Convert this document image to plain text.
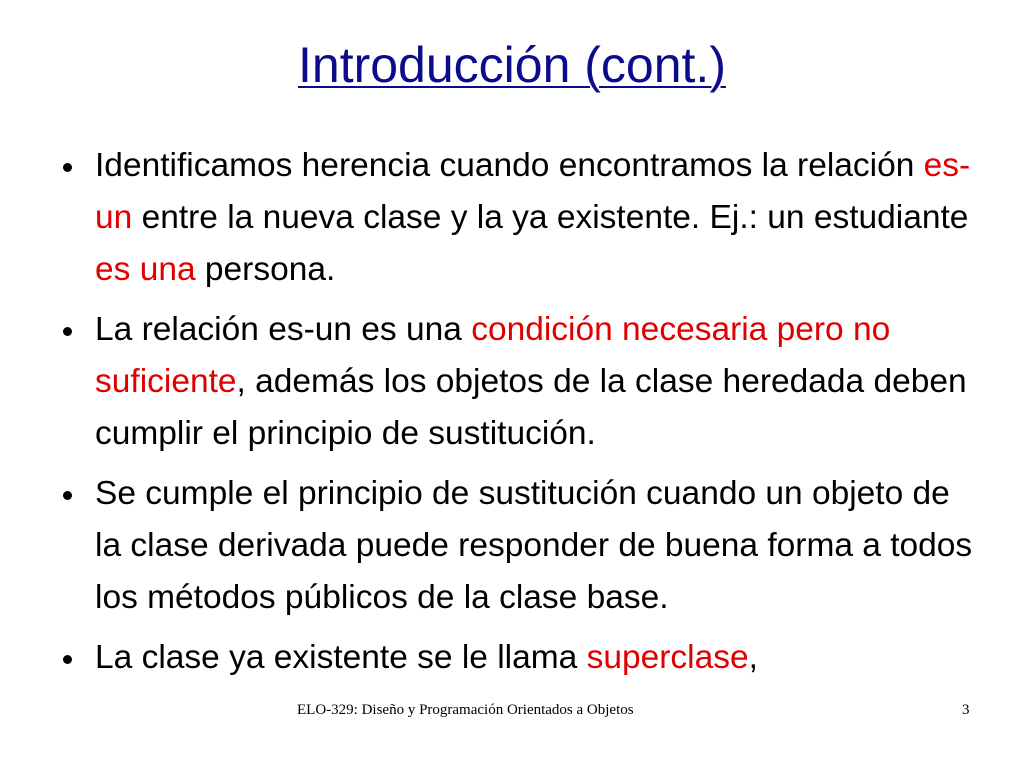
Introducción (cont.)
Identificamos herencia cuando encontramos la relación es-un entre la nueva clase y la ya existente. Ej.: un estudiante es una persona.
La relación es-un es una condición necesaria pero no suficiente, además los objetos de la clase heredada deben cumplir el principio de sustitución.
Se cumple el principio de sustitución cuando un objeto de la clase derivada puede responder de buena forma a todos los métodos públicos de la clase base.
La clase ya existente se le llama superclase,
ELO-329: Diseño y Programación Orientados a Objetos	3
